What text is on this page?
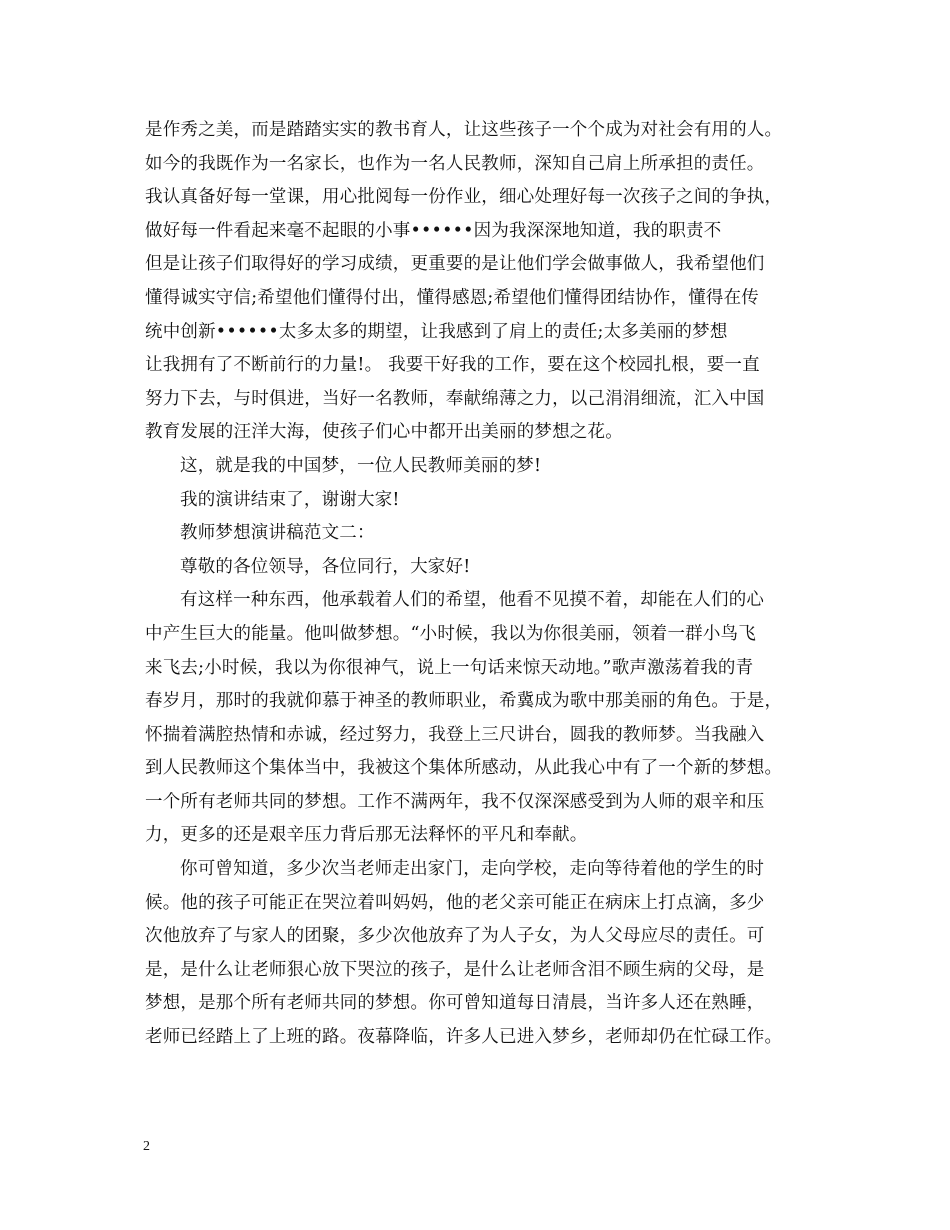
是作秀之美，而是踏踏实实的教书育人，让这些孩子一个个成为对社会有用的人。
如今的我既作为一名家长，也作为一名人民教师，深知自己肩上所承担的责任。
我认真备好每一堂课，用心批阅每一份作业，细心处理好每一次孩子之间的争执，
做好每一件看起来毫不起眼的小事••••••因为我深深地知道，我的职责不
但是让孩子们取得好的学习成绩，更重要的是让他们学会做事做人，我希望他们
懂得诚实守信;希望他们懂得付出，懂得感恩;希望他们懂得团结协作，懂得在传
统中创新••••••太多太多的期望，让我感到了肩上的责任;太多美丽的梦想
让我拥有了不断前行的力量!。 我要干好我的工作，要在这个校园扎根，要一直
努力下去，与时俱进，当好一名教师，奉献绵薄之力，以己涓涓细流，汇入中国
教育发展的汪洋大海，使孩子们心中都开出美丽的梦想之花。
这，就是我的中国梦，一位人民教师美丽的梦!
我的演讲结束了，谢谢大家!
教师梦想演讲稿范文二：
尊敬的各位领导，各位同行，大家好!
有这样一种东西，他承载着人们的希望，他看不见摸不着，却能在人们的心
中产生巨大的能量。他叫做梦想。“小时候，我以为你很美丽，领着一群小鸟飞
来飞去;小时候，我以为你很神气，说上一句话来惊天动地。”歌声激荡着我的青
春岁月，那时的我就仰慕于神圣的教师职业，希冀成为歌中那美丽的角色。于是，
怀揣着满腔热情和赤诚，经过努力，我登上三尺讲台，圆我的教师梦。当我融入
到人民教师这个集体当中，我被这个集体所感动，从此我心中有了一个新的梦想。
一个所有老师共同的梦想。工作不满两年，我不仅深深感受到为人师的艰辛和压
力，更多的还是艰辛压力背后那无法释怀的平凡和奉献。
你可曾知道，多少次当老师走出家门，走向学校，走向等待着他的学生的时
候。他的孩子可能正在哭泣着叫妈妈，他的老父亲可能正在病床上打点滴，多少
次他放弃了与家人的团聚，多少次他放弃了为人子女，为人父母应尽的责任。可
是，是什么让老师狠心放下哭泣的孩子，是什么让老师含泪不顾生病的父母，是
梦想，是那个所有老师共同的梦想。你可曾知道每日清晨，当许多人还在熟睡，
老师已经踏上了上班的路。夜幕降临，许多人已进入梦乡，老师却仍在忙碌工作。
2
